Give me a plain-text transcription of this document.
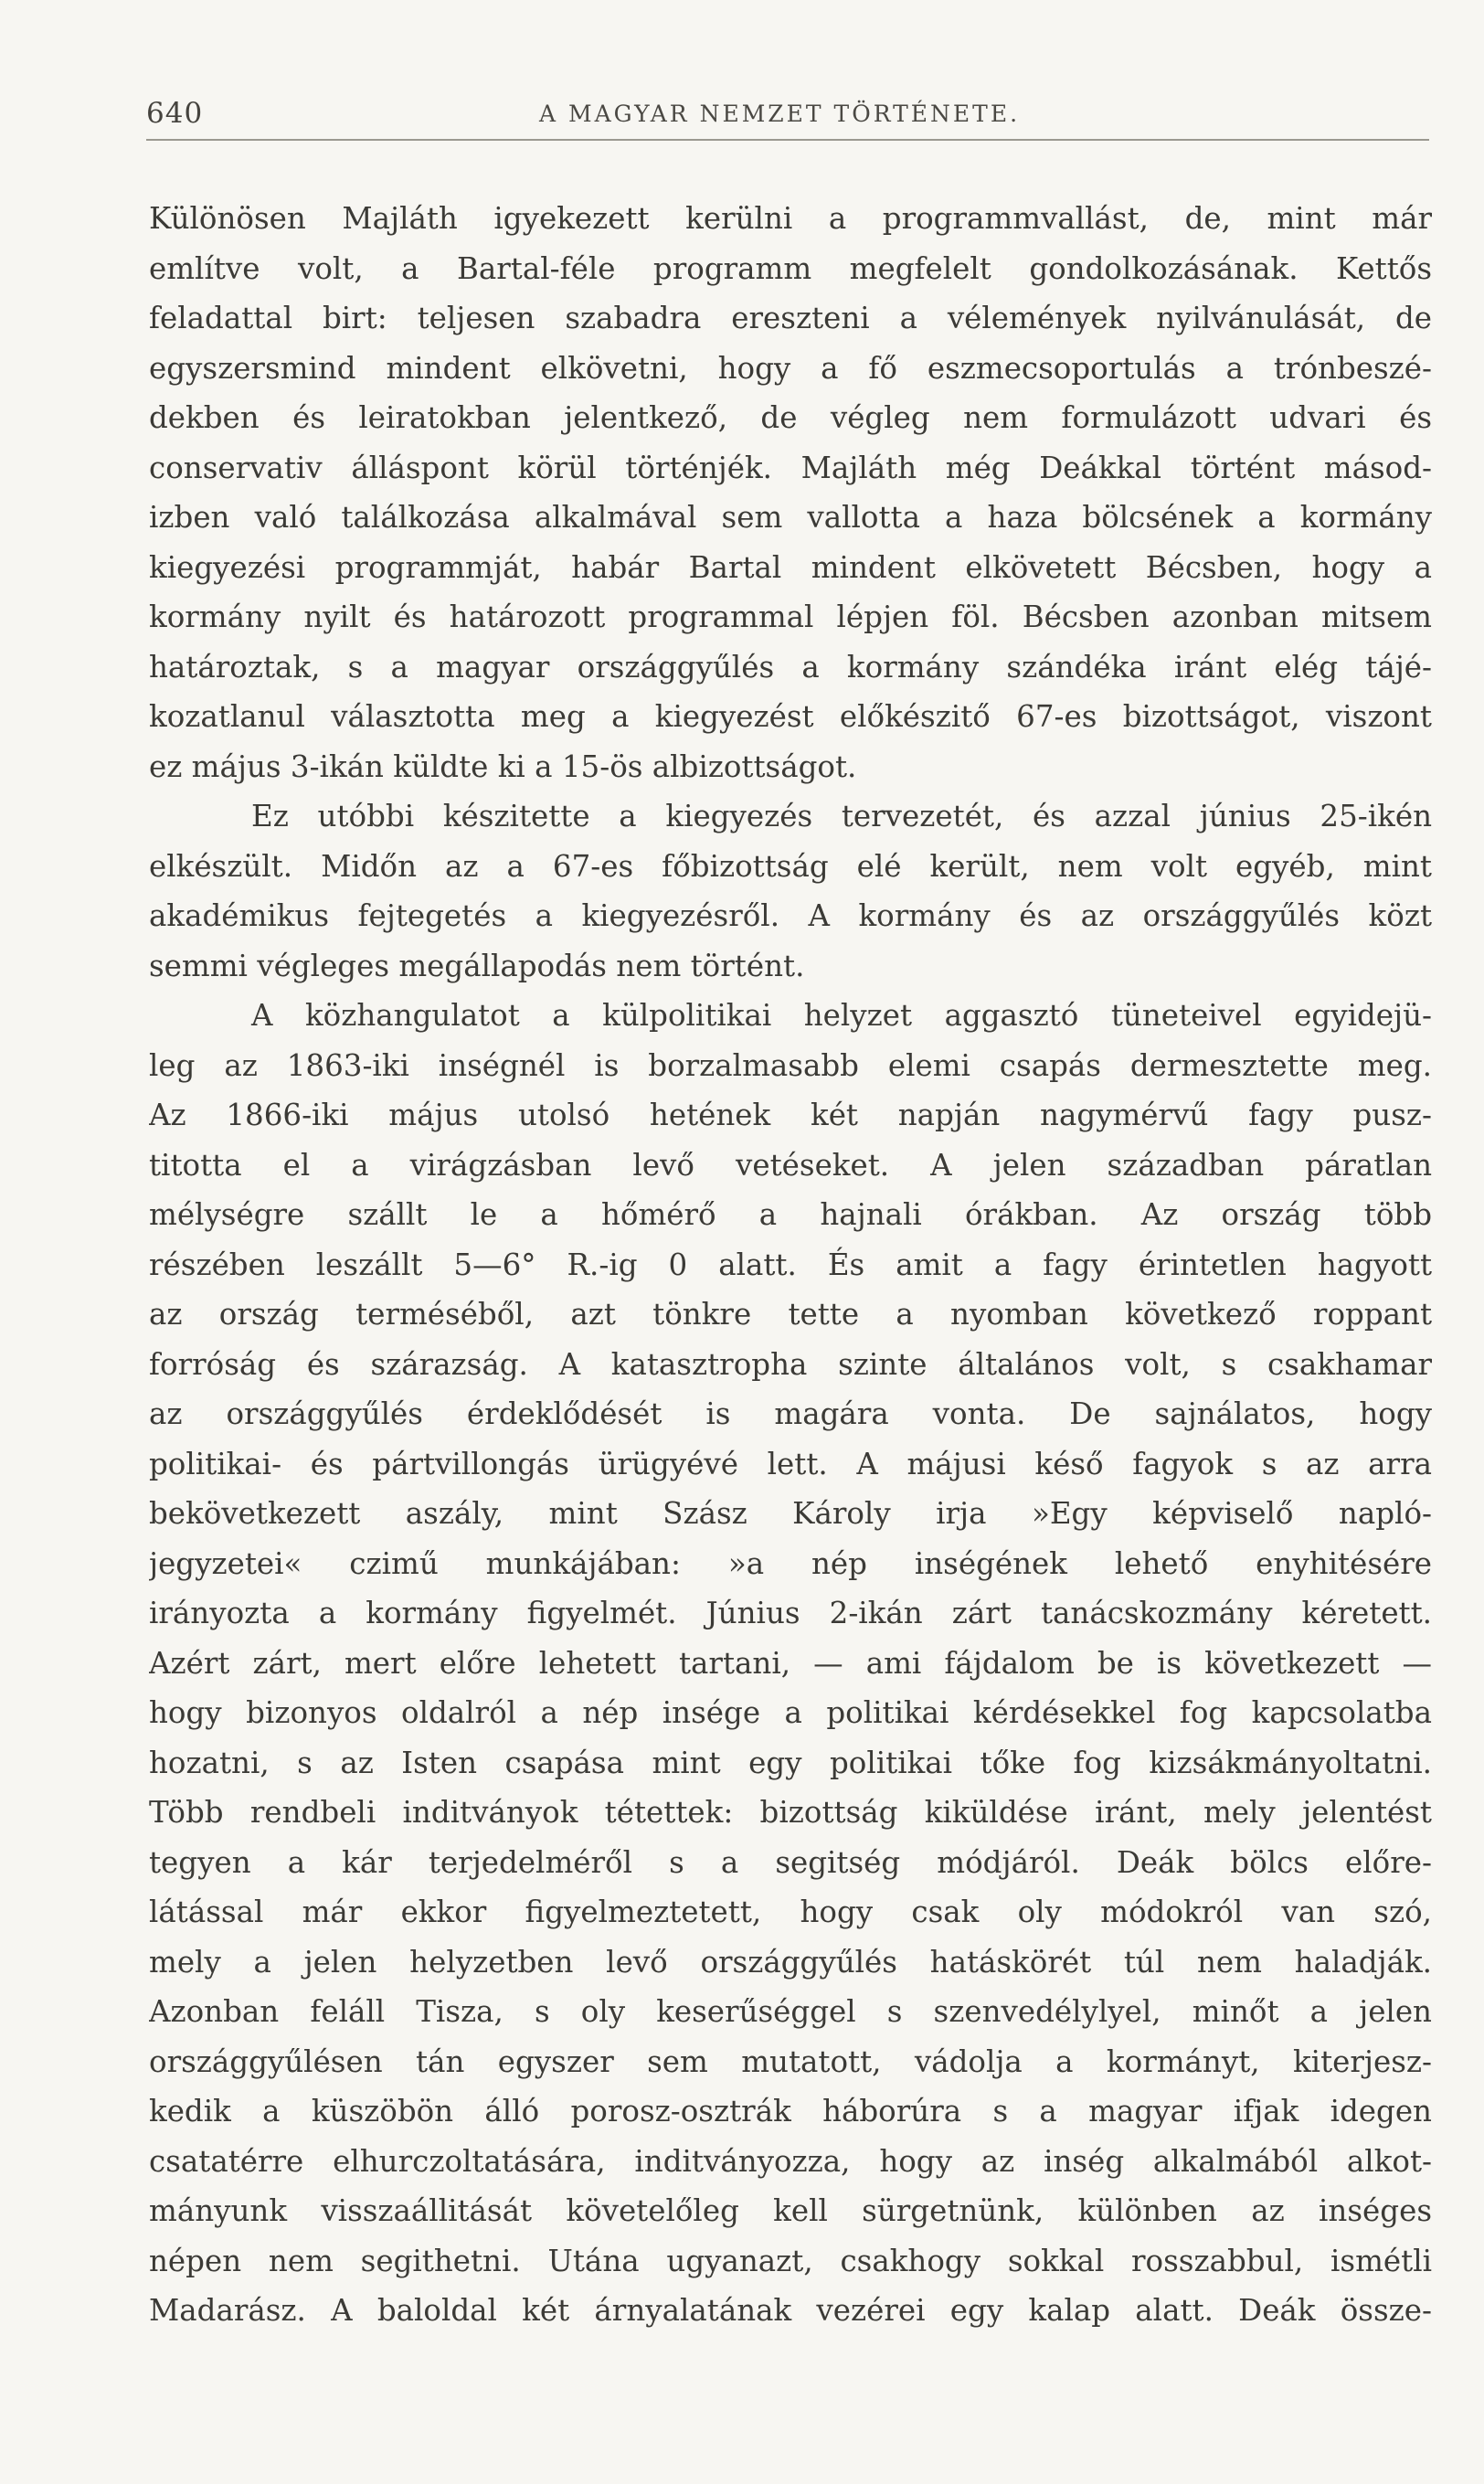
640	A MAGYAR NEMZET TÖRTÉNETE.
Különösen Majláth igyekezett kerülni a programmvallást, de, mint már
említve volt, a Bartal-féle programm megfelelt gondolkozásának. Kettős
feladattal birt: teljesen szabadra ereszteni a vélemények nyilvánulását, de
egyszersmind mindent elkövetni, hogy a fő eszmecsoportulás a trónbeszé-
dekben és leiratokban jelentkező, de végleg nem formulázott udvari és
conservativ álláspont körül történjék. Majláth még Deákkal történt másod-
izben való találkozása alkalmával sem vallotta a haza bölcsének a kormány
kiegyezési programmját, habár Bartal mindent elkövetett Bécsben, hogy a
kormány nyilt és határozott programmal lépjen föl. Bécsben azonban mitsem
határoztak, s a magyar országgyűlés a kormány szándéka iránt elég tájé-
kozatlanul választotta meg a kiegyezést előkészitő 67-es bizottságot, viszont
ez május 3-ikán küldte ki a 15-ös albizottságot.
Ez utóbbi készitette a kiegyezés tervezetét, és azzal június 25-ikén
elkészült. Midőn az a 67-es főbizottság elé került, nem volt egyéb, mint
akadémikus fejtegetés a kiegyezésről. A kormány és az országgyűlés közt
semmi végleges megállapodás nem történt.
A közhangulatot a külpolitikai helyzet aggasztó tüneteivel egyidejü-
leg az 1863-iki inségnél is borzalmasabb elemi csapás dermesztette meg.
Az 1866-iki május utolsó hetének két napján nagymérvű fagy pusz-
titotta el a virágzásban levő vetéseket. A jelen században páratlan
mélységre szállt le a hőmérő a hajnali órákban. Az ország több
részében leszállt 5—6° R.-ig 0 alatt. És amit a fagy érintetlen hagyott
az ország terméséből, azt tönkre tette a nyomban következő roppant
forróság és szárazság. A katasztropha szinte általános volt, s csakhamar
az országgyűlés érdeklődését is magára vonta. De sajnálatos, hogy
politikai- és pártvillongás ürügyévé lett. A májusi késő fagyok s az arra
bekövetkezett aszály, mint Szász Károly irja »Egy képviselő napló-
jegyzetei« czimű munkájában: »a nép inségének lehető enyhitésére
irányozta a kormány figyelmét. Június 2-ikán zárt tanácskozmány kéretett.
Azért zárt, mert előre lehetett tartani, — ami fájdalom be is következett —
hogy bizonyos oldalról a nép insége a politikai kérdésekkel fog kapcsolatba
hozatni, s az Isten csapása mint egy politikai tőke fog kizsákmányoltatni.
Több rendbeli inditványok tétettek: bizottság kiküldése iránt, mely jelentést
tegyen a kár terjedelméről s a segitség módjáról. Deák bölcs előre-
látással már ekkor figyelmeztetett, hogy csak oly módokról van szó,
mely a jelen helyzetben levő országgyűlés hatáskörét túl nem haladják.
Azonban feláll Tisza, s oly keserűséggel s szenvedélylyel, minőt a jelen
országgyűlésen tán egyszer sem mutatott, vádolja a kormányt, kiterjesz-
kedik a küszöbön álló porosz-osztrák háborúra s a magyar ifjak idegen
csatatérre elhurczoltatására, inditványozza, hogy az inség alkalmából alkot-
mányunk visszaállitását követelőleg kell sürgetnünk, különben az inséges
népen nem segithetni. Utána ugyanazt, csakhogy sokkal rosszabbul, ismétli
Madarász. A baloldal két árnyalatának vezérei egy kalap alatt. Deák össze-
